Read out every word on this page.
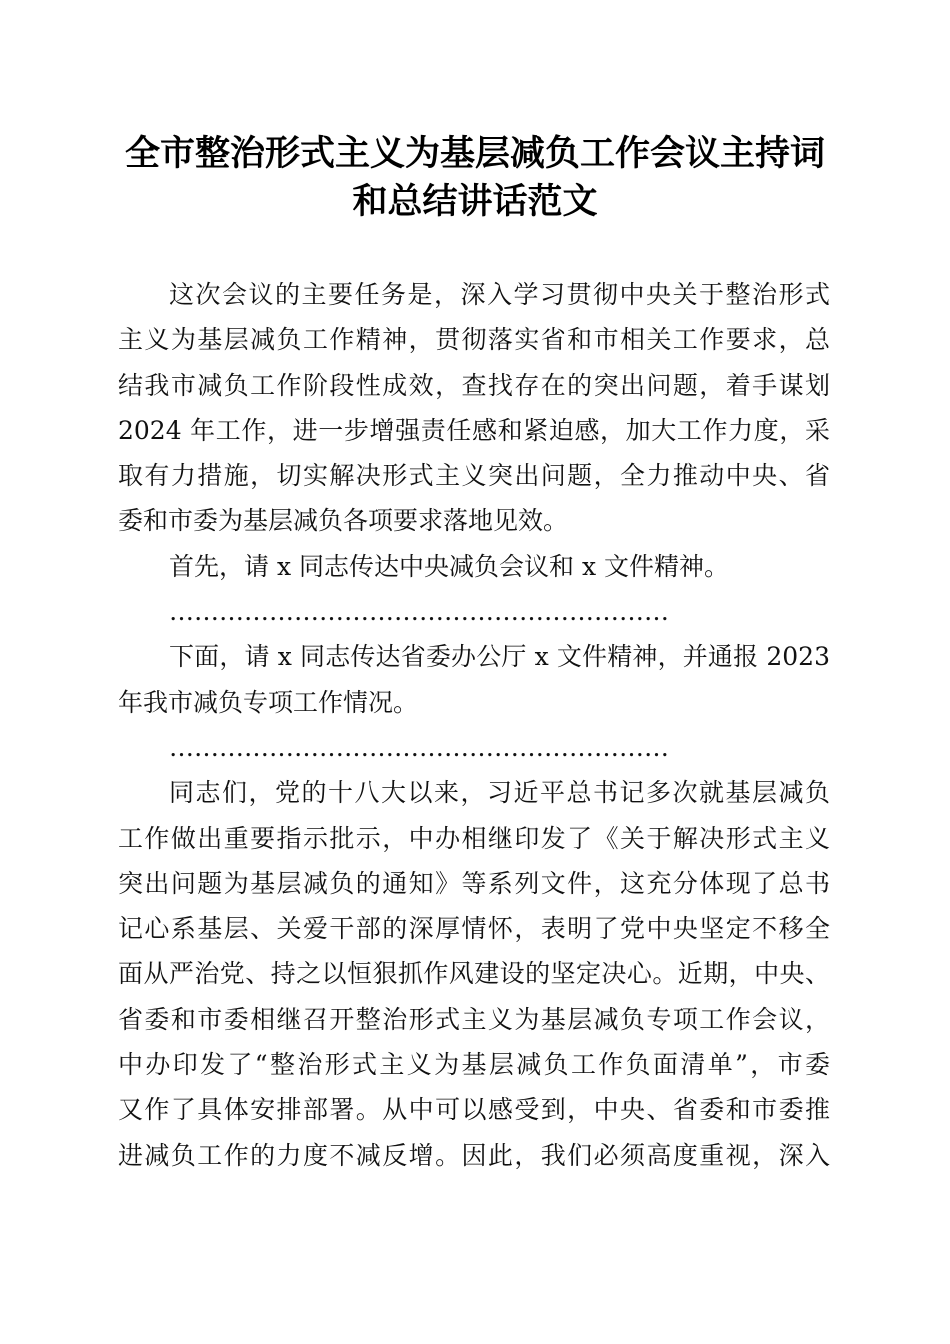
全市整治形式主义为基层减负工作会议主持词
和总结讲话范文

这次会议的主要任务是，深入学习贯彻中央关于整治形式
主义为基层减负工作精神，贯彻落实省和市相关工作要求，总
结我市减负工作阶段性成效，查找存在的突出问题，着手谋划
2024 年工作，进一步增强责任感和紧迫感，加大工作力度，采
取有力措施，切实解决形式主义突出问题，全力推动中央、省
委和市委为基层减负各项要求落地见效。

首先，请 x 同志传达中央减负会议和 x 文件精神。

……………………………………………………

下面，请 x 同志传达省委办公厅 x 文件精神，并通报 2023
年我市减负专项工作情况。

……………………………………………………

同志们，党的十八大以来，习近平总书记多次就基层减负
工作做出重要指示批示，中办相继印发了《关于解决形式主义
突出问题为基层减负的通知》等系列文件，这充分体现了总书
记心系基层、关爱干部的深厚情怀，表明了党中央坚定不移全
面从严治党、持之以恒狠抓作风建设的坚定决心。近期，中央、
省委和市委相继召开整治形式主义为基层减负专项工作会议，
中办印发了“整治形式主义为基层减负工作负面清单”，市委
又作了具体安排部署。从中可以感受到，中央、省委和市委推
进减负工作的力度不减反增。因此，我们必须高度重视，深入
